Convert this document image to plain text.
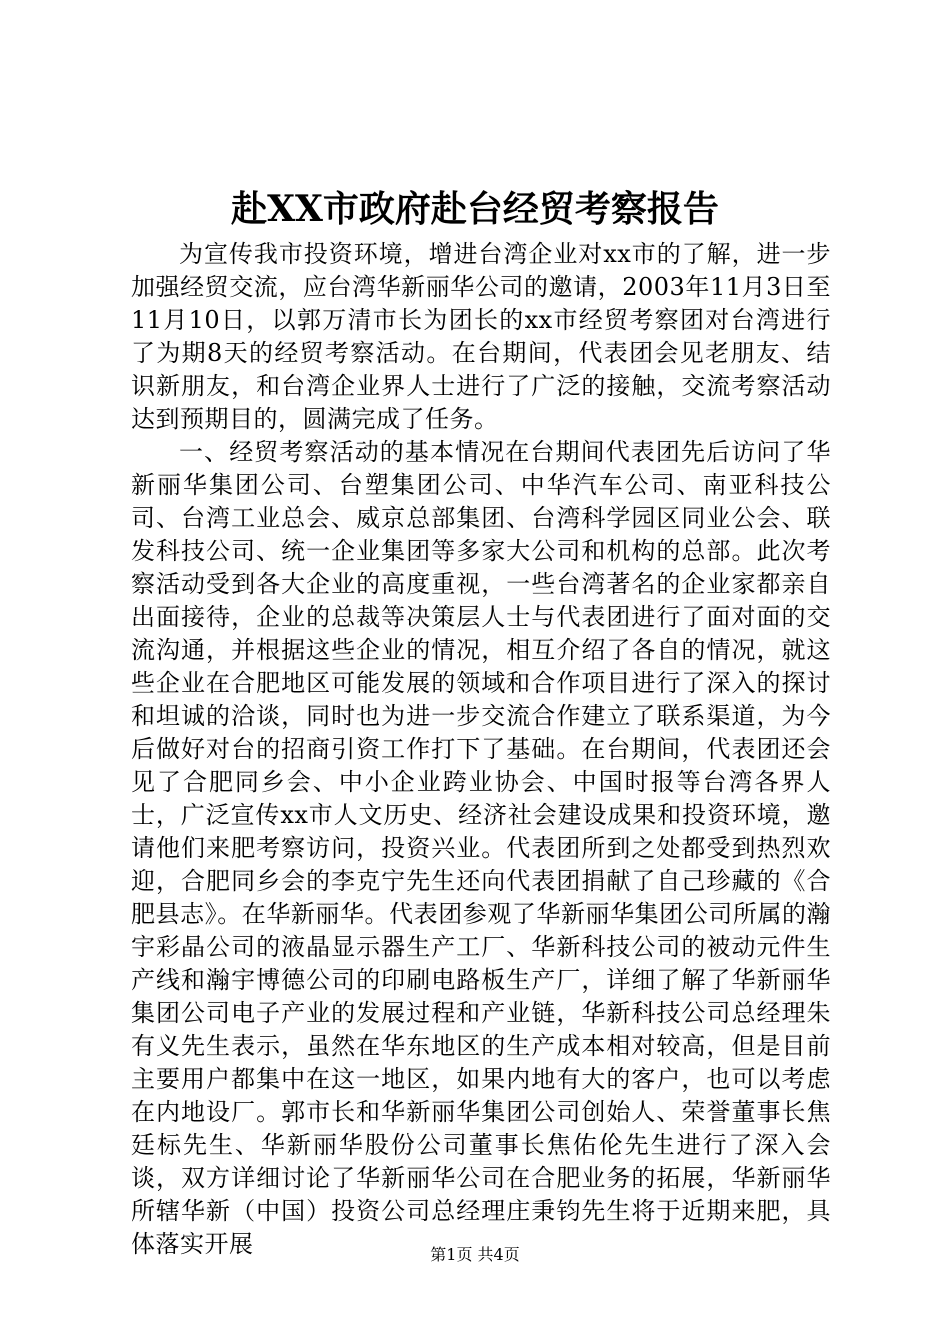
赴XX市政府赴台经贸考察报告

为宣传我市投资环境，增进台湾企业对xx市的了解，进一步加强经贸交流，应台湾华新丽华公司的邀请，2003年11月3日至11月10日，以郭万清市长为团长的xx市经贸考察团对台湾进行了为期8天的经贸考察活动。在台期间，代表团会见老朋友、结识新朋友，和台湾企业界人士进行了广泛的接触，交流考察活动达到预期目的，圆满完成了任务。

一、经贸考察活动的基本情况在台期间代表团先后访问了华新丽华集团公司、台塑集团公司、中华汽车公司、南亚科技公司、台湾工业总会、威京总部集团、台湾科学园区同业公会、联发科技公司、统一企业集团等多家大公司和机构的总部。此次考察活动受到各大企业的高度重视，一些台湾著名的企业家都亲自出面接待，企业的总裁等决策层人士与代表团进行了面对面的交流沟通，并根据这些企业的情况，相互介绍了各自的情况，就这些企业在合肥地区可能发展的领域和合作项目进行了深入的探讨和坦诚的洽谈，同时也为进一步交流合作建立了联系渠道，为今后做好对台的招商引资工作打下了基础。在台期间，代表团还会见了合肥同乡会、中小企业跨业协会、中国时报等台湾各界人士，广泛宣传xx市人文历史、经济社会建设成果和投资环境，邀请他们来肥考察访问，投资兴业。代表团所到之处都受到热烈欢迎，合肥同乡会的李克宁先生还向代表团捐献了自己珍藏的《合肥县志》。在华新丽华。代表团参观了华新丽华集团公司所属的瀚宇彩晶公司的液晶显示器生产工厂、华新科技公司的被动元件生产线和瀚宇博德公司的印刷电路板生产厂，详细了解了华新丽华集团公司电子产业的发展过程和产业链，华新科技公司总经理朱有义先生表示，虽然在华东地区的生产成本相对较高，但是目前主要用户都集中在这一地区，如果内地有大的客户，也可以考虑在内地设厂。郭市长和华新丽华集团公司创始人、荣誉董事长焦廷标先生、华新丽华股份公司董事长焦佑伦先生进行了深入会谈，双方详细讨论了华新丽华公司在合肥业务的拓展，华新丽华所辖华新（中国）投资公司总经理庄秉钧先生将于近期来肥，具体落实开展	第1页 共4页
